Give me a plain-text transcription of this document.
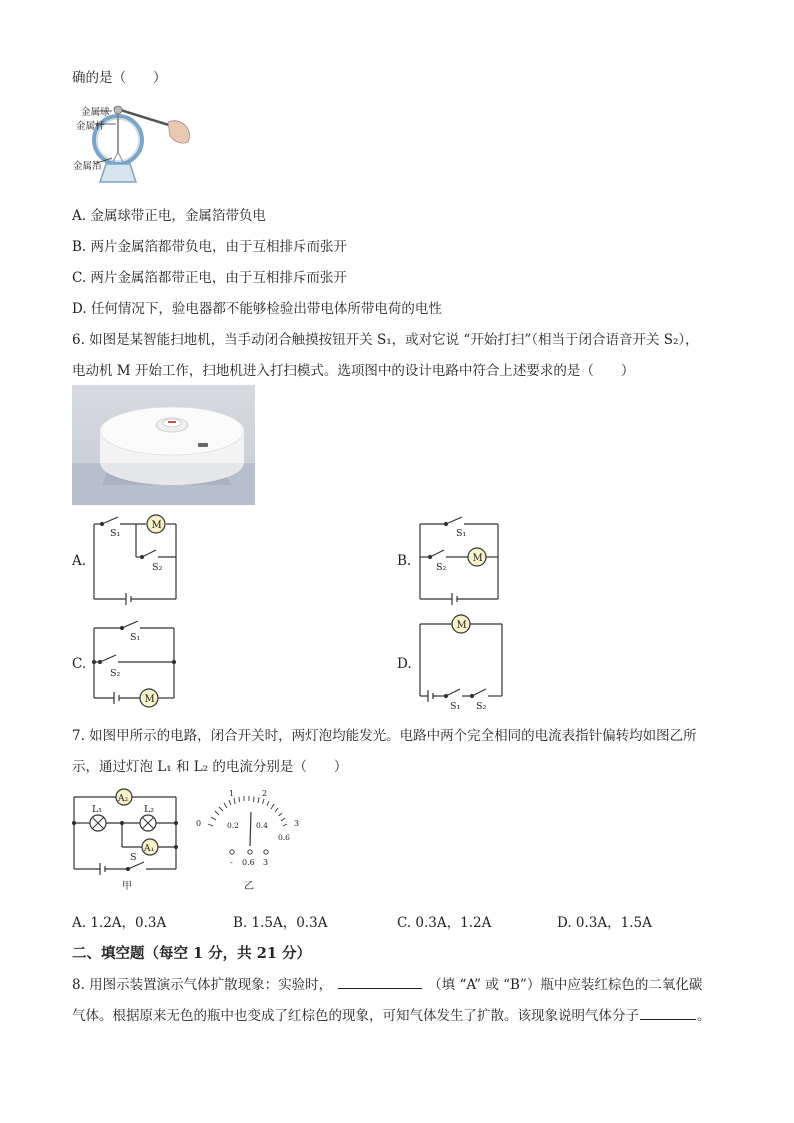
确的是（　　）
金属球
金属杆
金属箔
A. 金属球带正电，金属箔带负电
B. 两片金属箔都带负电，由于互相排斥而张开
C. 两片金属箔都带正电，由于互相排斥而张开
D. 任何情况下，验电器都不能够检验出带电体所带电荷的电性
6. 如图是某智能扫地机，当手动闭合触摸按钮开关 S₁，或对它说 “开始打扫”（相当于闭合语音开关 S₂），
电动机 M 开始工作，扫地机进入打扫模式。选项图中的设计电路中符合上述要求的是（　　）
A.
M
S₁
S₂	B.	M
S₁
S₂
C.
M
S₁
S₂
D.
M
S₁ S₂
7. 如图甲所示的电路，闭合开关时，两灯泡均能发光。电路中两个完全相同的电流表指针偏转均如图乙所
示，通过灯泡 L₁ 和 L₂ 的电流分别是（　　）
A₂
A₁
L₁	L₂
S
甲
1	2
0	3
0.2 0.4
0.6
- 0.6 3
乙
A. 1.2A，0.3A	B. 1.5A，0.3A	C. 0.3A，1.2A	D. 0.3A，1.5A
二、填空题（每空 1 分，共 21 分）
8. 用图示装置演示气体扩散现象：实验时，	（填 “A” 或 “B”）瓶中应装红棕色的二氧化碳
气体。根据原来无色的瓶中也变成了红棕色的现象，可知气体发生了扩散。该现象说明气体分子	。
